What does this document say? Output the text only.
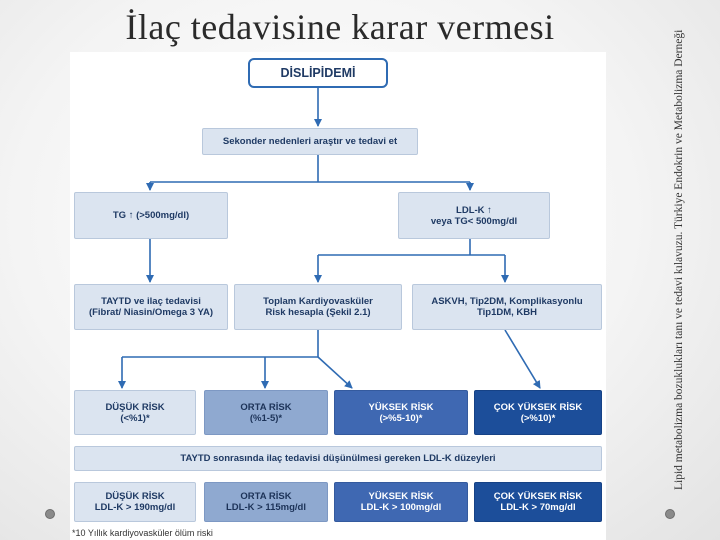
İlaç tedavisine karar vermesi
Lipid metabolizma bozuklukları tanı ve tedavi kılavuzu. Türkiye Endokrin ve Metabolizma Derneği
DİSLİPİDEMİ
Sekonder nedenleri araştır ve tedavi et
TG ↑ (>500mg/dl)	LDL-K ↑
veya TG< 500mg/dl
TAYTD ve ilaç tedavisi
(Fibrat/ Niasin/Omega 3 YA)
Toplam Kardiyovasküler
Risk hesapla (Şekil 2.1)
ASKVH, Tip2DM, Komplikasyonlu
Tip1DM, KBH
DÜŞÜK RİSK
(<%1)*
ORTA RİSK
(%1-5)*
YÜKSEK RİSK
(>%5-10)*
ÇOK YÜKSEK RİSK
(>%10)*
TAYTD sonrasında ilaç tedavisi düşünülmesi gereken LDL-K düzeyleri
DÜŞÜK RİSK
LDL-K > 190mg/dl
ORTA RİSK
LDL-K > 115mg/dl
YÜKSEK RİSK
LDL-K > 100mg/dl
ÇOK YÜKSEK RİSK
LDL-K > 70mg/dl
*10 Yıllık kardiyovasküler ölüm riski
